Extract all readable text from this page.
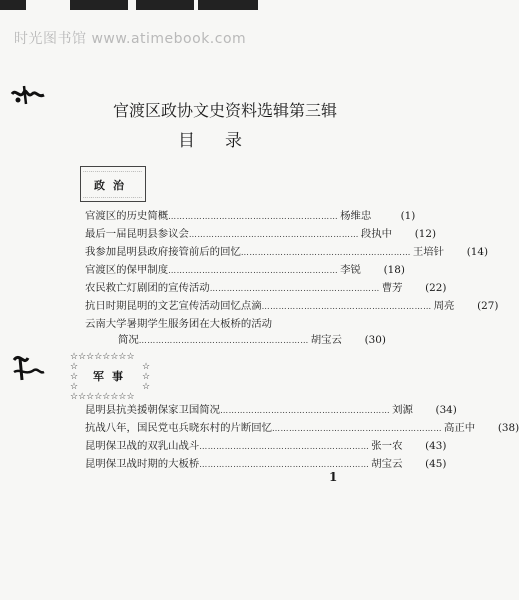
时光图书馆 www.atimebook.com
官渡区政协文史资料选辑第三辑
目录
…………………………
政治
…………………………
官渡区的历史简概 …………………………………………………… 杨维忠	(1)
最后一届昆明县参议会 …………………………………………………… 段执中	(12)
我参加昆明县政府接管前后的回忆 …………………………………………………… 王培针	(14)
官渡区的保甲制度 …………………………………………………… 李锐	(18)
农民救亡灯剧团的宣传活动 …………………………………………………… 曹芳	(22)
抗日时期昆明的文艺宣传活动回忆点滴 …………………………………………………… 周亮	(27)
云南大学暑期学生服务团在大板桥的活动
简况 …………………………………………………… 胡宝云	(30)
☆☆☆☆☆☆☆☆
☆
☆
☆
☆
☆
☆
军事
☆☆☆☆☆☆☆☆
昆明县抗美援朝保家卫国简况 …………………………………………………… 刘源	(34)
抗战八年，国民党屯兵晓东村的片断回忆 …………………………………………………… 高正中	(38)
昆明保卫战的双乳山战斗 …………………………………………………… 张一农	(43)
昆明保卫战时期的大板桥 …………………………………………………… 胡宝云	(45)
1
